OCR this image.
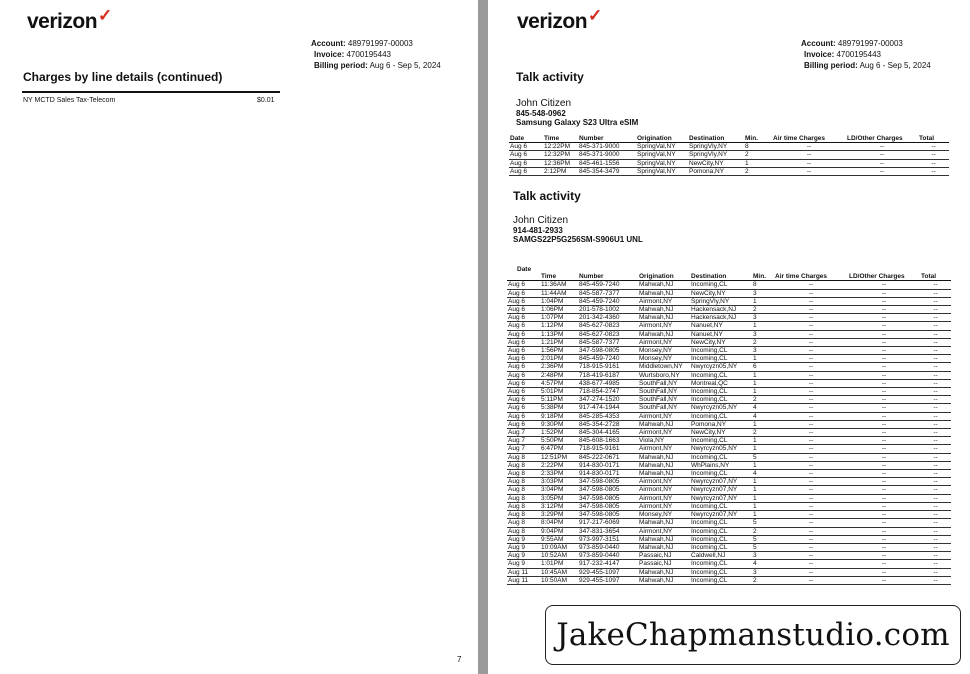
verizon✓
Account: 489791997-00003
Invoice: 4700195443
Billing period: Aug 6 - Sep 5, 2024
Charges by line details (continued)
NY MCTD Sales Tax-Telecom	$0.01
7
verizon✓
Account: 489791997-00003
Invoice: 4700195443
Billing period: Aug 6 - Sep 5, 2024
Talk activity
John Citizen
845-548-0962
Samsung Galaxy S23 Ultra eSIM
Date	Time	Number	Origination	Destination	Min.	Air time Charges	LD/Other Charges	Total
Aug 6	12:22PM	845-371-9000	SpringVal,NY	SpringVly,NY	8	--	--	--
Aug 6	12:32PM	845-371-9000	SpringVal,NY	SpringVly,NY	2	--	--	--
Aug 6	12:36PM	845-461-1556	SpringVal,NY	NewCity,NY	1	--	--	--
Aug 6	2:12PM	845-354-3479	SpringVal,NY	Pomona,NY	2	--	--	--
Talk activity
John Citizen
914-481-2933
SAMGS22P5G256SM-S906U1 UNL
Date								
	Time	Number	Origination	Destination	Min.	Air time Charges	LD/Other Charges	Total
Aug 6	11:36AM	845-459-7240	Mahwah,NJ	Incoming,CL	8	--	--	--
Aug 6	11:44AM	845-587-7377	Mahwah,NJ	NewCity,NY	3	--	--	--
Aug 6	1:04PM	845-459-7240	Airmont,NY	SpringVly,NY	1	--	--	--
Aug 6	1:06PM	201-578-1002	Mahwah,NJ	Hackensack,NJ	2	--	--	--
Aug 6	1:07PM	201-342-4360	Mahwah,NJ	Hackensack,NJ	3	--	--	--
Aug 6	1:12PM	845-627-0823	Airmont,NY	Nanuet,NY	1	--	--	--
Aug 6	1:13PM	845-627-0823	Mahwah,NJ	Nanuet,NY	3	--	--	--
Aug 6	1:21PM	845-587-7377	Airmont,NY	NewCity,NY	2	--	--	--
Aug 6	1:56PM	347-598-0805	Monsey,NY	Incoming,CL	3	--	--	--
Aug 6	2:01PM	845-459-7240	Monsey,NY	Incoming,CL	1	--	--	--
Aug 6	2:36PM	718-915-9161	Middletown,NY	Nwyrcyzn05,NY	6	--	--	--
Aug 6	2:48PM	718-419-6187	Wurtsboro,NY	Incoming,CL	1	--	--	--
Aug 6	4:57PM	438-677-4985	SouthFall,NY	Montreal,QC	1	--	--	--
Aug 6	5:01PM	718-854-2747	SouthFall,NY	Incoming,CL	1	--	--	--
Aug 6	5:11PM	347-274-1520	SouthFall,NY	Incoming,CL	2	--	--	--
Aug 6	5:38PM	917-474-1944	SouthFall,NY	Nwyrcyzn05,NY	4	--	--	--
Aug 6	9:18PM	845-285-4353	Airmont,NY	Incoming,CL	4	--	--	--
Aug 6	9:30PM	845-354-2728	Mahwah,NJ	Pomona,NY	1	--	--	--
Aug 7	1:52PM	845-304-4165	Airmont,NY	NewCity,NY	2	--	--	--
Aug 7	5:50PM	845-608-1663	Viola,NY	Incoming,CL	1	--	--	--
Aug 7	6:47PM	718-915-9161	Airmont,NY	Nwyrcyzn05,NY	1	--	--	--
Aug 8	12:51PM	845-222-0671	Mahwah,NJ	Incoming,CL	5	--	--	--
Aug 8	2:22PM	914-830-0171	Mahwah,NJ	WhPlains,NY	1	--	--	--
Aug 8	2:33PM	914-830-0171	Mahwah,NJ	Incoming,CL	4	--	--	--
Aug 8	3:03PM	347-598-0805	Airmont,NY	Nwyrcyzn07,NY	1	--	--	--
Aug 8	3:04PM	347-598-0805	Airmont,NY	Nwyrcyzn07,NY	1	--	--	--
Aug 8	3:05PM	347-598-0805	Airmont,NY	Nwyrcyzn07,NY	1	--	--	--
Aug 8	3:12PM	347-598-0805	Airmont,NY	Incoming,CL	1	--	--	--
Aug 8	3:29PM	347-598-0805	Monsey,NY	Nwyrcyzn07,NY	1	--	--	--
Aug 8	8:04PM	917-217-6069	Mahwah,NJ	Incoming,CL	5	--	--	--
Aug 8	9:04PM	347-831-3654	Airmont,NY	Incoming,CL	2	--	--	--
Aug 9	9:55AM	973-997-3151	Mahwah,NJ	Incoming,CL	5	--	--	--
Aug 9	10:09AM	973-859-0440	Mahwah,NJ	Incoming,CL	5	--	--	--
Aug 9	10:52AM	973-859-0440	Passaic,NJ	Caldwell,NJ	3	--	--	--
Aug 9	1:01PM	917-232-4147	Passaic,NJ	Incoming,CL	4	--	--	--
Aug 11	10:45AM	929-455-1097	Mahwah,NJ	Incoming,CL	3	--	--	--
Aug 11	10:50AM	929-455-1097	Mahwah,NJ	Incoming,CL	2	--	--	--
JakeChapmanstudio.com
